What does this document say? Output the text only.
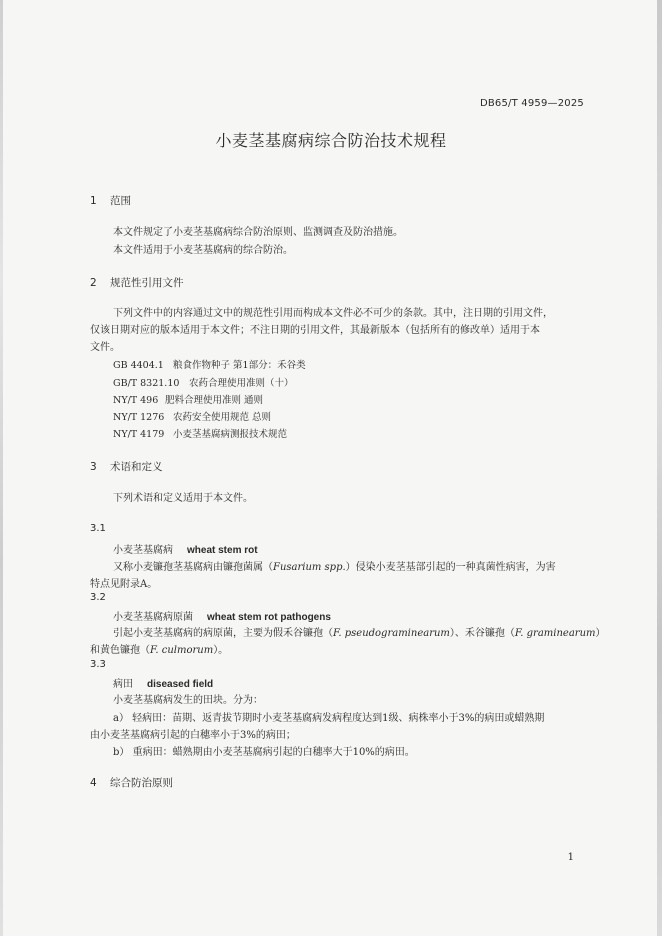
DB65/T 4959—2025
小麦茎基腐病综合防治技术规程
1 范围
本文件规定了小麦茎基腐病综合防治原则、监测调查及防治措施。
本文件适用于小麦茎基腐病的综合防治。
2 规范性引用文件
下列文件中的内容通过文中的规范性引用而构成本文件必不可少的条款。其中，注日期的引用文件，
仅该日期对应的版本适用于本文件；不注日期的引用文件，其最新版本（包括所有的修改单）适用于本
文件。
GB 4404.1 粮食作物种子 第1部分：禾谷类
GB/T 8321.10 农药合理使用准则（十）
NY/T 496 肥料合理使用准则 通则
NY/T 1276 农药安全使用规范 总则
NY/T 4179 小麦茎基腐病测报技术规范
3 术语和定义
下列术语和定义适用于本文件。
3.1
小麦茎基腐病 wheat stem rot
又称小麦镰孢茎基腐病由镰孢菌属（Fusarium spp.）侵染小麦茎基部引起的一种真菌性病害，为害
特点见附录A。
3.2
小麦茎基腐病原菌 wheat stem rot pathogens
引起小麦茎基腐病的病原菌，主要为假禾谷镰孢（F. pseudograminearum）、禾谷镰孢（F. graminearum）
和黄色镰孢（F. culmorum）。
3.3
病田 diseased field
小麦茎基腐病发生的田块。分为：
a） 轻病田：苗期、返青拔节期时小麦茎基腐病发病程度达到1级、病株率小于3%的病田或蜡熟期
由小麦茎基腐病引起的白穗率小于3%的病田；
b） 重病田：蜡熟期由小麦茎基腐病引起的白穗率大于10%的病田。
4 综合防治原则
1
